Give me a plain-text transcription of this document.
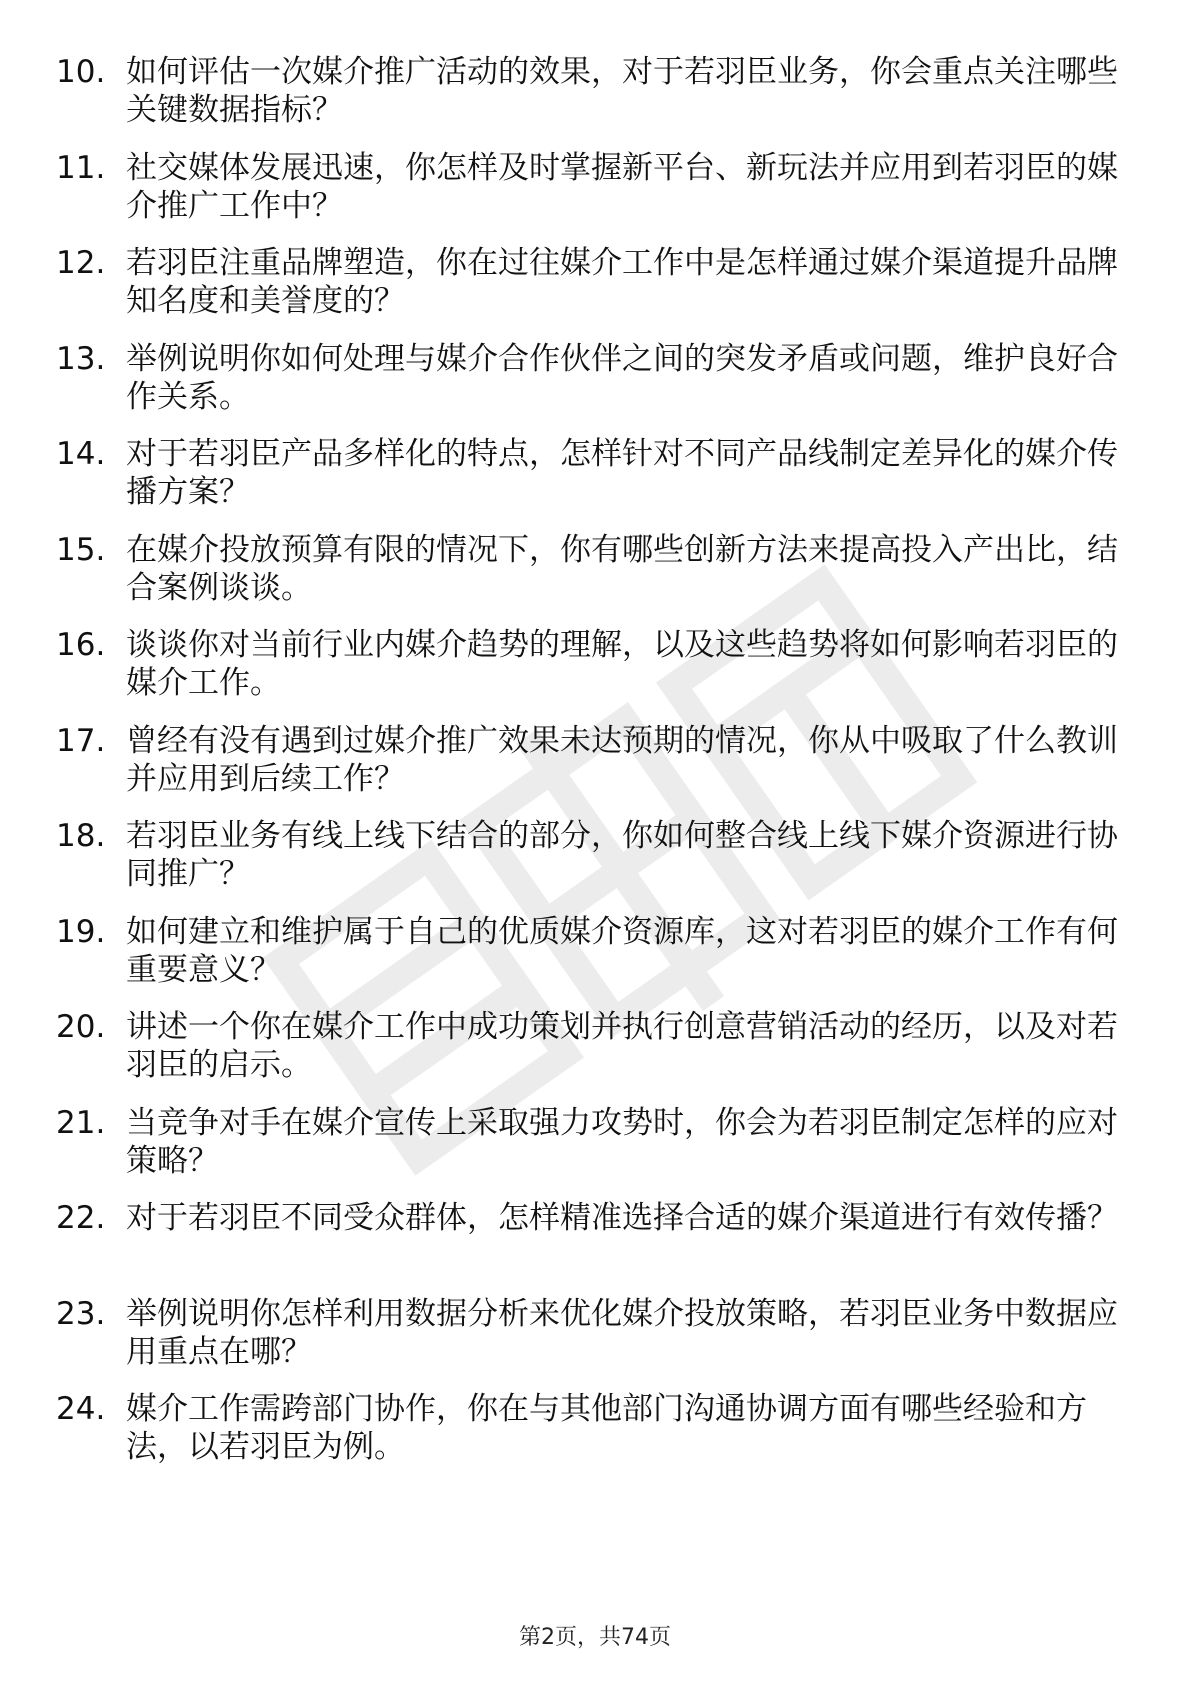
10. 如何评估一次媒介推广活动的效果，对于若羽臣业务，你会重点关注哪些关键数据指标？
11. 社交媒体发展迅速，你怎样及时掌握新平台、新玩法并应用到若羽臣的媒介推广工作中？
12. 若羽臣注重品牌塑造，你在过往媒介工作中是怎样通过媒介渠道提升品牌知名度和美誉度的？
13. 举例说明你如何处理与媒介合作伙伴之间的突发矛盾或问题，维护良好合作关系。
14. 对于若羽臣产品多样化的特点，怎样针对不同产品线制定差异化的媒介传播方案？
15. 在媒介投放预算有限的情况下，你有哪些创新方法来提高投入产出比，结合案例谈谈。
16. 谈谈你对当前行业内媒介趋势的理解，以及这些趋势将如何影响若羽臣的媒介工作。
17. 曾经有没有遇到过媒介推广效果未达预期的情况，你从中吸取了什么教训并应用到后续工作？
18. 若羽臣业务有线上线下结合的部分，你如何整合线上线下媒介资源进行协同推广？
19. 如何建立和维护属于自己的优质媒介资源库，这对若羽臣的媒介工作有何重要意义？
20. 讲述一个你在媒介工作中成功策划并执行创意营销活动的经历，以及对若羽臣的启示。
21. 当竞争对手在媒介宣传上采取强力攻势时，你会为若羽臣制定怎样的应对策略？
22. 对于若羽臣不同受众群体，怎样精准选择合适的媒介渠道进行有效传播？
23. 举例说明你怎样利用数据分析来优化媒介投放策略，若羽臣业务中数据应用重点在哪？
24. 媒介工作需跨部门协作，你在与其他部门沟通协调方面有哪些经验和方法，以若羽臣为例。
第2页，共74页
